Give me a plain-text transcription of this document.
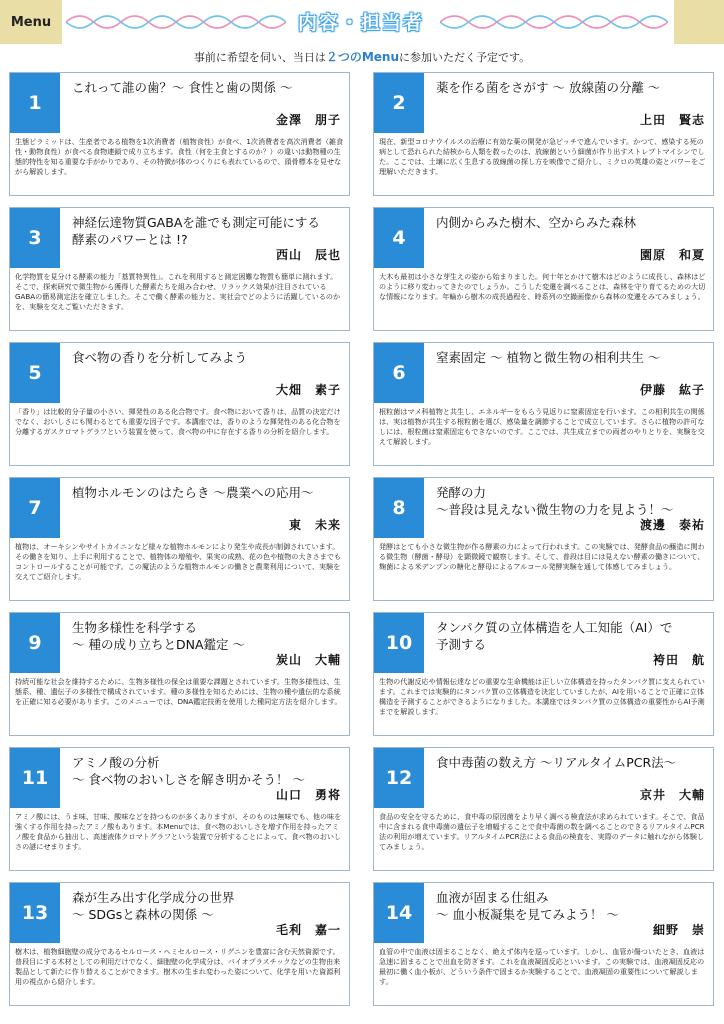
Menu	内容・担当者
事前に希望を伺い、当日は２つのMenuに参加いただく予定です。
1
これって誰の歯？～ 食性と歯の関係 ～
金澤　朋子
生態ピラミッドは、生産者である植物を1次消費者（植物食性）が食べ、1次消費者を高次消費者（雑食性・動物食性）が食べる食物連鎖で成り立ちます。食性（何を主食とするのか？）の違いは動物種の生態的特性を知る重要な手がかりであり、その特徴が体のつくりにも表れているので、頭骨標本を見せながら解説します。
2
薬を作る菌をさがす ～ 放線菌の分離 ～
上田　賢志
現在、新型コロナウイルスの治療に有効な薬の開発が急ピッチで進んでいます。かつて、感染する死の病として恐れられた結核から人類を救ったのは、放線菌という細菌が作り出すストレプトマイシンでした。ここでは、土壌に広く生息する放線菌の探し方を映像でご紹介し、ミクロの英雄の姿とパワーをご理解いただきます。
3
神経伝達物質GABAを誰でも測定可能にする
酵素のパワーとは !?
西山　辰也
化学物質を見分ける酵素の能力「基質特異性」。これを利用すると測定困難な物質も簡単に測れます。そこで、探索研究で微生物から獲得した酵素たちを組み合わせ、リラックス効果が注目されているGABAの簡易測定法を確立しました。そこで働く酵素の能力と、実社会でどのように活躍しているのかを、実験を交えご覧いただきます。
4
内側からみた樹木、空からみた森林
園原　和夏
大木も最初は小さな芽生えの姿から始まりました。何十年とかけて樹木はどのように成長し、森林はどのように移り変わってきたのでしょうか。こうした変遷を調べることは、森林を守り育てるための大切な情報になります。年輪から樹木の成長過程を、時系列の空撮画像から森林の変遷をみてみましょう。
5
食べ物の香りを分析してみよう
大畑　素子
「香り」は比較的分子量の小さい、揮発性のある化合物です。食べ物において香りは、品質の決定だけでなく、おいしさにも関わるとても重要な因子です。本講座では、香りのような揮発性のある化合物を分離するガスクロマトグラフという装置を使って、食べ物の中に存在する香りの分析を紹介します。
6
窒素固定 ～ 植物と微生物の相利共生 ～
伊藤　紘子
根粒菌はマメ科植物と共生し、エネルギーをもらう見返りに窒素固定を行います。この相利共生の関係は、実は植物が共生する根粒菌を選び、感染量を調節することで成立しています。さらに植物の許可なしには、根粒菌は窒素固定もできないのです。ここでは、共生成立までの両者のやりとりを、実験を交えて解説します。
7
植物ホルモンのはたらき ～農業への応用～
東　未来
植物は、オーキシンやサイトカイニンなど様々な植物ホルモンにより発生や成長が制御されています。その働きを知り、上手に利用することで、植物体の増殖や、果実の成熟、花の色や植物の大きさまでもコントロールすることが可能です。この魔法のような植物ホルモンの働きと農業利用について、実験を交えてご紹介します。
8
発酵の力
～普段は見えない微生物の力を見よう！～
渡邊　泰祐
発酵はとても小さな微生物が作る酵素の力によって行われます。この実験では、発酵食品の醸造に関わる微生物（酵菌・酵母）を顕微鏡で観察します。そして、普段は目には見えない酵素の働きについて、麹菌による米デンプンの糖化と酵母によるアルコール発酵実験を通して体感してみましょう。
9
生物多様性を科学する
～ 種の成り立ちとDNA鑑定 ～
炭山　大輔
持続可能な社会を維持するために、生物多様性の保全は重要な課題とされています。生物多様性は、生態系、種、遺伝子の多様性で構成されています。種の多様性を知るためには、生物の種や遺伝的な系統を正確に知る必要があります。このメニューでは、DNA鑑定技術を使用した種同定方法を紹介します。
10
タンパク質の立体構造を人工知能（AI）で
予測する
袴田　航
生物の代謝反応や情報伝達などの重要な生命機能は正しい立体構造を持ったタンパク質に支えられています。これまでは実験的にタンパク質の立体構造を決定していましたが、AIを用いることで正確に立体構造を予測することができるようになりました。本講座ではタンパク質の立体構造の重要性からAI予測までを解説します。
11
アミノ酸の分析
～ 食べ物のおいしさを解き明かそう！ ～
山口　勇将
アミノ酸には、うま味、甘味、酸味などを持つものが多くありますが、そのものは無味でも、他の味を強くする作用を持ったアミノ酸もあります。本Menuでは、食べ物のおいしさを増す作用を持ったアミノ酸を食品から抽出し、高速液体クロマトグラフという装置で分析することによって、食べ物のおいしさの謎にせまります。
12
食中毒菌の数え方 ～リアルタイムPCR法～
京井　大輔
食品の安全を守るために、食中毒の原因菌をより早く調べる検査法が求められています。そこで、食品中に含まれる食中毒菌の遺伝子を増幅することで食中毒菌の数を調べることのできるリアルタイムPCR法の利用が増えています。リアルタイムPCR法による食品の検査を、実際のデータに触れながら体験してみましょう。
13
森が生み出す化学成分の世界
～ SDGsと森林の関係 ～
毛利　嘉一
樹木は、植物細胞壁の成分であるセルロース・ヘミセルロース・リグニンを豊富に含む天然資源です。普段目にする木材としての利用だけでなく、細胞壁の化学成分は、バイオプラスチックなどの生物由来製品として新たに作り替えることができます。樹木の生まれ変わった姿について、化学を用いた資源利用の視点から紹介します。
14
血液が固まる仕組み
～ 血小板凝集を見てみよう！ ～
細野　崇
血管の中で血液は固まることなく、絶えず体内を巡っています。しかし、血管が傷ついたとき、血液は急速に固まることで出血を防ぎます。これを血液凝固反応といいます。この実験では、血液凝固反応の最初に働く血小板が、どういう条件で固まるか実験することで、血液凝固の重要性について解説します。
